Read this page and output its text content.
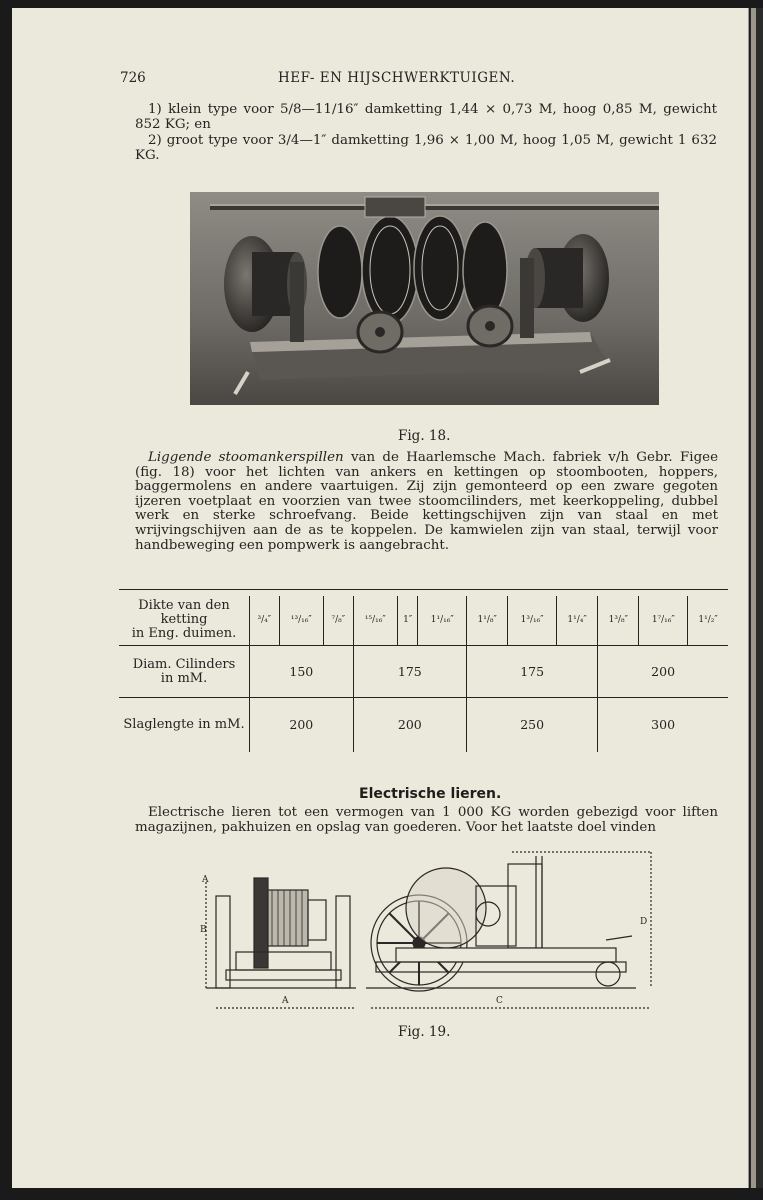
726	HEF- EN HIJSCHWERKTUIGEN.
1) klein type voor 5/8—11/16″ damketting 1,44 × 0,73 M, hoog 0,85 M, gewicht 852 KG; en
2) groot type voor 3/4—1″ damketting 1,96 × 1,00 M, hoog 1,05 M, gewicht 1 632 KG.
Fig. 18.
Liggende stoomankerspillen van de Haarlemsche Mach. fabriek v/h Gebr. Figee (fig. 18) voor het lichten van ankers en kettingen op stoombooten, hoppers, baggermolens en andere vaartuigen. Zij zijn gemonteerd op een zware gegoten ijzeren voetplaat en voorzien van twee stoomcilinders, met keerkoppeling, dubbel werk en sterke schroefvang. Beide kettingschijven zijn van staal en met wrijvingschijven aan de as te koppelen. De kamwielen zijn van staal, terwijl voor handbeweging een pompwerk is aangebracht.

Dikte van den
ketting
in Eng. duimen.	³/₄″	¹³/₁₆″	⁷/₈″	¹⁵/₁₆″	1″	1¹/₁₆″	1¹/₈″	1³/₁₆″	1¹/₄″	1³/₈″	1⁷/₁₆″	1¹/₂″

Diam. Cilinders
in mM.	150			175			175			200		
Slaglengte in mM.	200			200			250			300		
Electrische lieren.
Electrische lieren tot een vermogen van 1 000 KG worden gebezigd voor liften magazijnen, pakhuizen en opslag van goederen. Voor het laatste doel vinden
A
B
A	C
D
Fig. 19.
